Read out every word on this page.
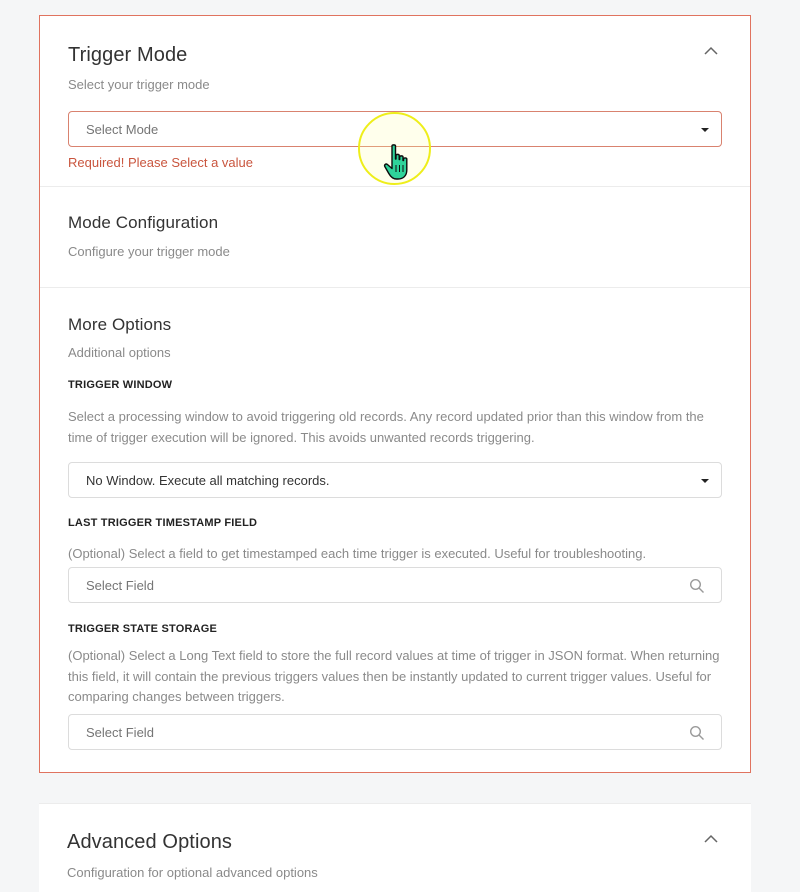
Trigger Mode
Select your trigger mode
Select Mode
Required! Please Select a value
Mode Configuration
Configure your trigger mode
More Options
Additional options
TRIGGER WINDOW
Select a processing window to avoid triggering old records. Any record updated prior than this window from the time of trigger execution will be ignored. This avoids unwanted records triggering.
No Window. Execute all matching records.
LAST TRIGGER TIMESTAMP FIELD
(Optional) Select a field to get timestamped each time trigger is executed. Useful for troubleshooting.
Select Field
TRIGGER STATE STORAGE
(Optional) Select a Long Text field to store the full record values at time of trigger in JSON format. When returning this field, it will contain the previous triggers values then be instantly updated to current trigger values. Useful for comparing changes between triggers.
Select Field
Advanced Options
Configuration for optional advanced options
